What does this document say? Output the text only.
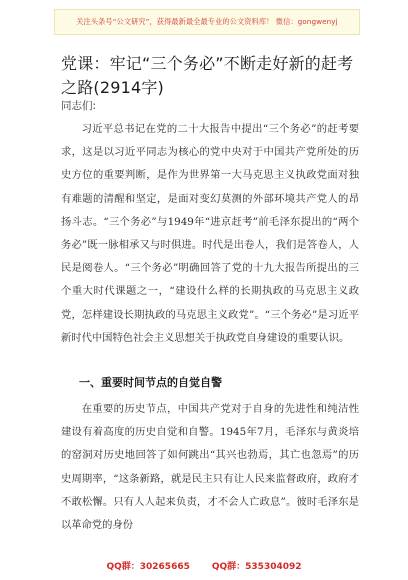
关注头条号“公文研究”，获得最新最全最专业的公文资料库！ 微信：gongwenyj
党课：牢记“三个务必”不断走好新的赶考之路(2914字)
同志们:

习近平总书记在党的二十大报告中提出“三个务必”的赶考要求，这是以习近平同志为核心的党中央对于中国共产党所处的历史方位的重要判断，是作为世界第一大马克思主义执政党面对独有难题的清醒和坚定，是面对变幻莫测的外部环境共产党人的昂扬斗志。“三个务必”与1949年“进京赶考”前毛泽东提出的“两个务必”既一脉相承又与时俱进。时代是出卷人，我们是答卷人，人民是阅卷人。“三个务必”明确回答了党的十九大报告所提出的三个重大时代课题之一，“建设什么样的长期执政的马克思主义政党，怎样建设长期执政的马克思主义政党”。“三个务必”是习近平新时代中国特色社会主义思想关于执政党自身建设的重要认识。

一、重要时间节点的自觉自警

在重要的历史节点，中国共产党对于自身的先进性和纯洁性建设有着高度的历史自觉和自警。1945年7月，毛泽东与黄炎培的窑洞对历史地回答了如何跳出“其兴也勃焉，其亡也忽焉”的历史周期率，“这条新路，就是民主只有让人民来监督政府，政府才不敢松懈。只有人人起来负责，才不会人亡政息”。彼时毛泽东是以革命党的身份

QQ群：30265665 QQ群：535304092
